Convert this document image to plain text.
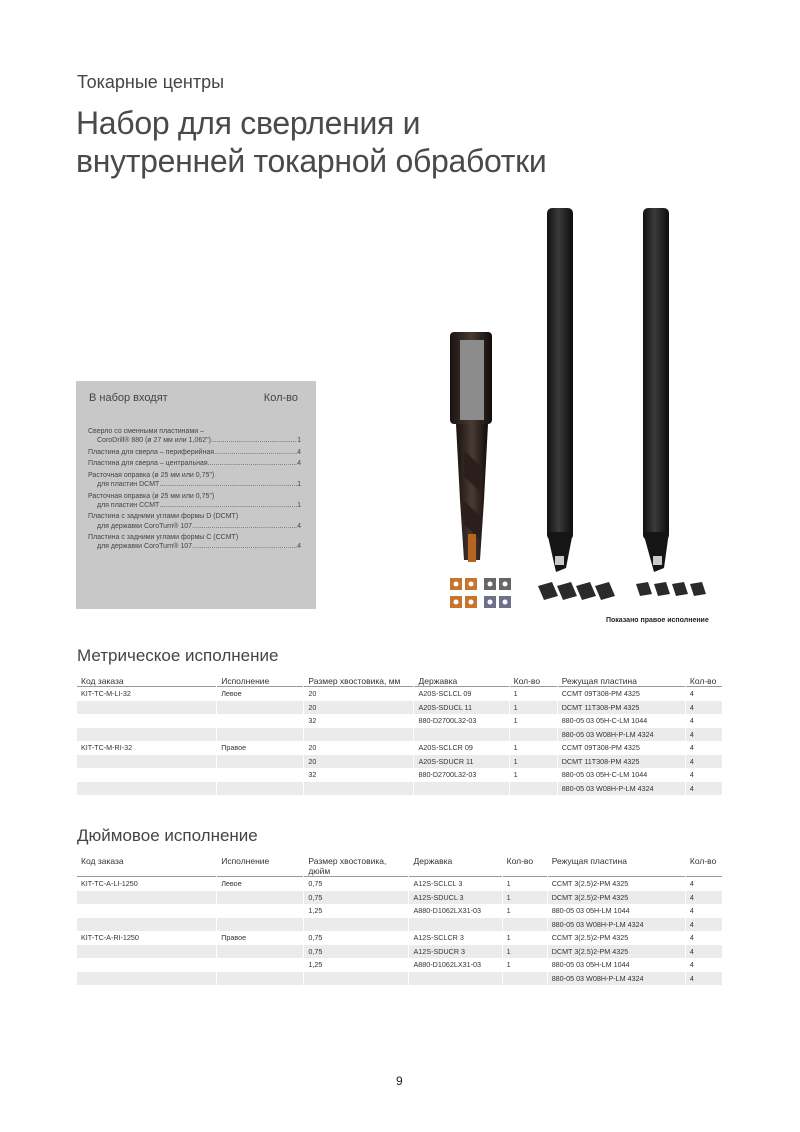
Токарные центры
Набор для сверления и
внутренней токарной обработки
В набор входят	Кол-во
Сверло со сменными пластинами –
CoroDrill® 880 (ø 27 мм или 1,062") .....	1
Пластина для сверла – периферийная .....	4
Пластина для сверла – центральная .....	4
Расточная оправка (ø 25 мм или 0,75")
для пластин DCMT .....	1
Расточная оправка (ø 25 мм или 0,75")
для пластин CCMT .....	1
Пластина с задними углами формы D (DCMT)
для державки CoroTurn® 107 .....	4
Пластина с задними углами формы C (CCMT)
для державки CoroTurn® 107 .....	4
Показано правое исполнение
Метрическое исполнение
Код заказа	Исполнение	Размер хвостовика, мм	Державка	Кол-во	Режущая пластина	Кол-во
KIT-TC-M-LI-32	Левое	20	A20S-SCLCL 09	1	CCMT 09T308-PM 4325	4
		20	A20S-SDUCL 11	1	DCMT 11T308-PM 4325	4
		32	880-D2700L32-03	1	880-05 03 05H-C-LM 1044	4
					880-05 03 W08H-P-LM 4324	4
KIT-TC-M-RI-32	Правое	20	A20S-SCLCR 09	1	CCMT 09T308-PM 4325	4
		20	A20S-SDUCR 11	1	DCMT 11T308-PM 4325	4
		32	880-D2700L32-03	1	880-05 03 05H-C-LM 1044	4
					880-05 03 W08H-P-LM 4324	4
Дюймовое исполнение
Код заказа	Исполнение	Размер хвостовика, дюйм	Державка	Кол-во	Режущая пластина	Кол-во
KIT-TC-A-LI-1250	Левое	0,75	A12S-SCLCL 3	1	CCMT 3(2.5)2-PM 4325	4
		0,75	A12S-SDUCL 3	1	DCMT 3(2.5)2-PM 4325	4
		1,25	A880-D1062LX31-03	1	880-05 03 05H-LM 1044	4
					880-05 03 W08H-P-LM 4324	4
KIT-TC-A-RI-1250	Правое	0,75	A12S-SCLCR 3	1	CCMT 3(2.5)2-PM 4325	4
		0,75	A12S-SDUCR 3	1	DCMT 3(2.5)2-PM 4325	4
		1,25	A880-D1062LX31-03	1	880-05 03 05H-LM 1044	4
					880-05 03 W08H-P-LM 4324	4
9
